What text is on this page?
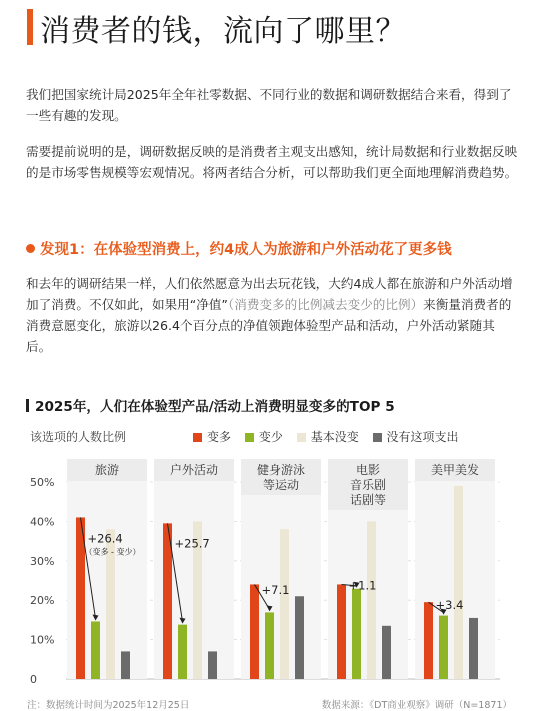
消费者的钱，流向了哪里？
我们把国家统计局2025年全年社零数据、不同行业的数据和调研数据结合来看，得到了一些有趣的发现。
需要提前说明的是，调研数据反映的是消费者主观支出感知，统计局数据和行业数据反映的是市场零售规模等宏观情况。将两者结合分析，可以帮助我们更全面地理解消费趋势。
发现1：在体验型消费上，约4成人为旅游和户外活动花了更多钱
和去年的调研结果一样，人们依然愿意为出去玩花钱，大约4成人都在旅游和户外活动增加了消费。不仅如此，如果用“净值”（消费变多的比例减去变少的比例）来衡量消费者的消费意愿变化，旅游以26.4个百分点的净值领跑体验型产品和活动，户外活动紧随其后。
2025年，人们在体验型产品/活动上消费明显变多的TOP 5
变多 变少 基本没变 没有这项支出
该选项的人数比例
0
10%
20%
30%
40%
50%
旅游	户外活动	健身游泳
等运动
电影
音乐剧
话剧等
美甲美发
+26.4
（变多 - 变少）
+25.7
+7.1	+1.1
+3.4
注：数据统计时间为2025年12月25日	数据来源：《DT商业观察》调研（N=1871）
